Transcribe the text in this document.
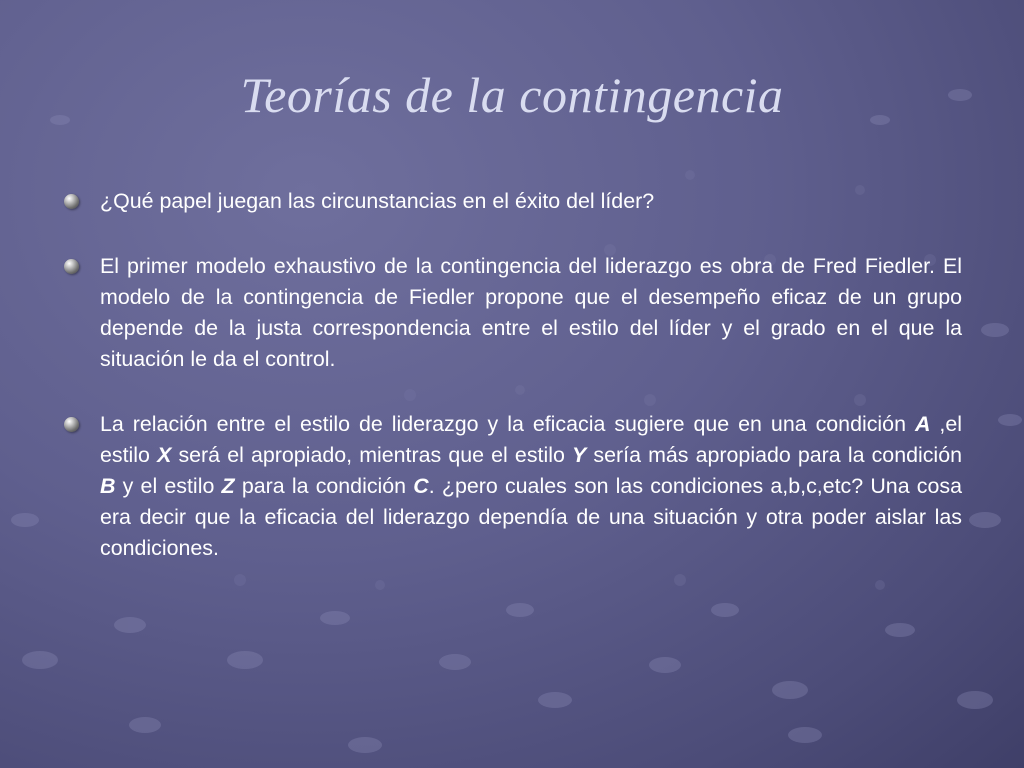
Teorías de la contingencia
¿Qué papel juegan las circunstancias en el éxito del líder?
El primer modelo exhaustivo de la contingencia del liderazgo es obra de Fred Fiedler. El modelo de la contingencia de Fiedler propone que el desempeño eficaz de un grupo depende de la justa correspondencia entre el estilo del líder y el grado en el que la situación le da el control.
La relación entre el estilo de liderazgo y la eficacia sugiere que en una condición A ,el estilo X será el apropiado, mientras que el estilo Y sería más apropiado para la condición B y el estilo Z para la condición C. ¿pero cuales son las condiciones a,b,c,etc? Una cosa era decir que la eficacia del liderazgo dependía de una situación y otra poder aislar las condiciones.
